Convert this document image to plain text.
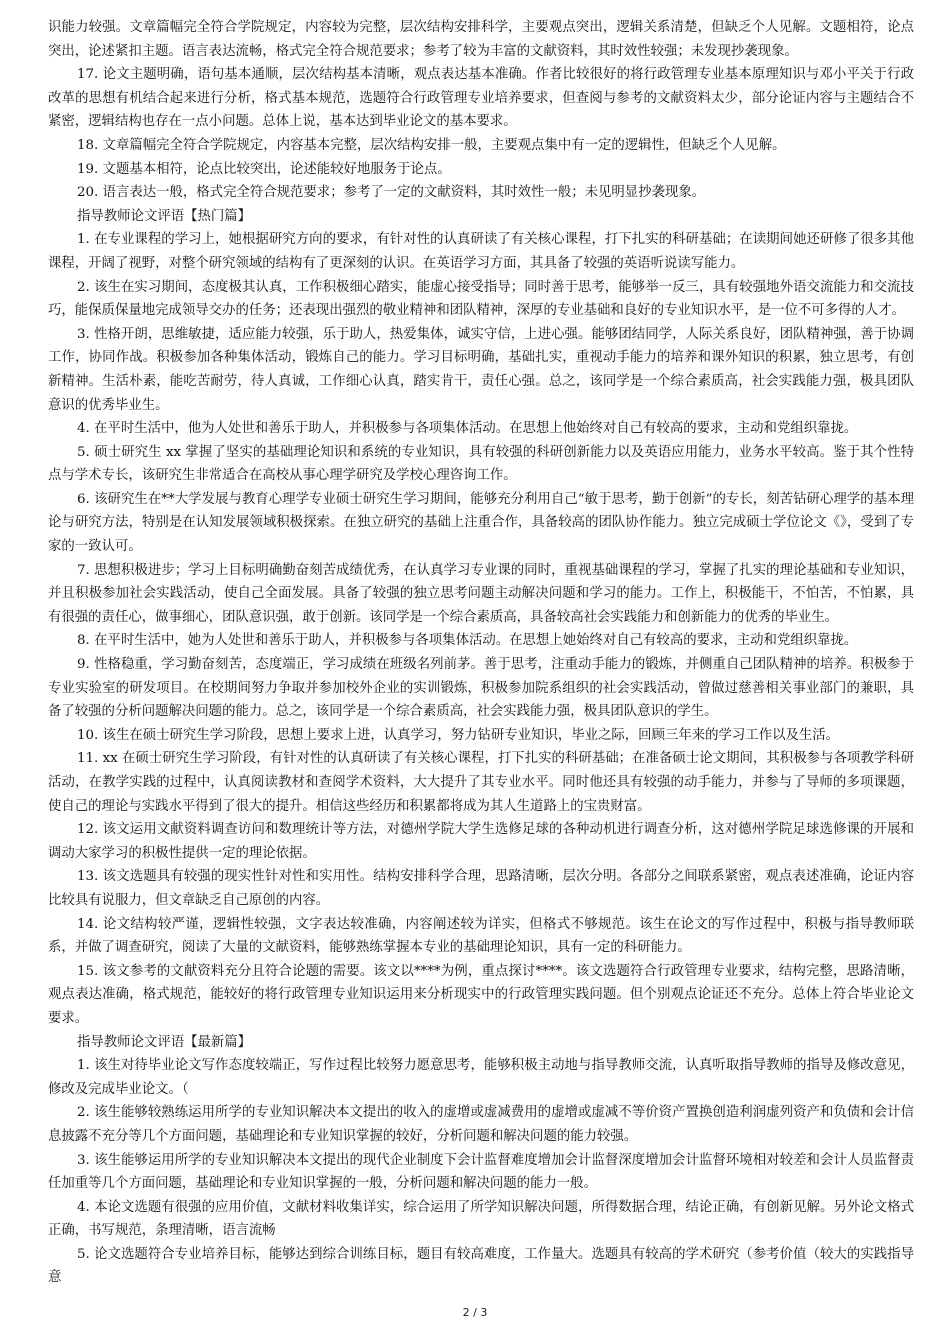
识能力较强。文章篇幅完全符合学院规定，内容较为完整，层次结构安排科学，主要观点突出，逻辑关系清楚，但缺乏个人见解。文题相符，论点突出，论述紧扣主题。语言表达流畅，格式完全符合规范要求；参考了较为丰富的文献资料，其时效性较强；未发现抄袭现象。

17. 论文主题明确，语句基本通顺，层次结构基本清晰，观点表达基本准确。作者比较很好的将行政管理专业基本原理知识与邓小平关于行政改革的思想有机结合起来进行分析，格式基本规范，选题符合行政管理专业培养要求，但查阅与参考的文献资料太少，部分论证内容与主题结合不紧密，逻辑结构也存在一点小问题。总体上说，基本达到毕业论文的基本要求。

18. 文章篇幅完全符合学院规定，内容基本完整，层次结构安排一般，主要观点集中有一定的逻辑性，但缺乏个人见解。

19. 文题基本相符，论点比较突出，论述能较好地服务于论点。

20. 语言表达一般，格式完全符合规范要求；参考了一定的文献资料，其时效性一般；未见明显抄袭现象。

指导教师论文评语【热门篇】

1. 在专业课程的学习上，她根据研究方向的要求，有针对性的认真研读了有关核心课程，打下扎实的科研基础；在读期间她还研修了很多其他课程，开阔了视野，对整个研究领域的结构有了更深刻的认识。在英语学习方面，其具备了较强的英语听说读写能力。

2. 该生在实习期间，态度极其认真，工作积极细心踏实，能虚心接受指导；同时善于思考，能够举一反三，具有较强地外语交流能力和交流技巧，能保质保量地完成领导交办的任务；还表现出强烈的敬业精神和团队精神，深厚的专业基础和良好的专业知识水平，是一位不可多得的人才。

3. 性格开朗，思维敏捷，适应能力较强，乐于助人，热爱集体，诚实守信，上进心强。能够团结同学，人际关系良好，团队精神强，善于协调工作，协同作战。积极参加各种集体活动，锻炼自己的能力。学习目标明确，基础扎实，重视动手能力的培养和课外知识的积累，独立思考，有创新精神。生活朴素，能吃苦耐劳，待人真诚，工作细心认真，踏实肯干，责任心强。总之，该同学是一个综合素质高，社会实践能力强，极具团队意识的优秀毕业生。

4. 在平时生活中，他为人处世和善乐于助人，并积极参与各项集体活动。在思想上他始终对自己有较高的要求，主动和党组织靠拢。

5. 硕士研究生 xx 掌握了坚实的基础理论知识和系统的专业知识，具有较强的科研创新能力以及英语应用能力，业务水平较高。鉴于其个性特点与学术专长，该研究生非常适合在高校从事心理学研究及学校心理咨询工作。

6. 该研究生在**大学发展与教育心理学专业硕士研究生学习期间，能够充分利用自己“敏于思考，勤于创新”的专长，刻苦钻研心理学的基本理论与研究方法，特别是在认知发展领域积极探索。在独立研究的基础上注重合作，具备较高的团队协作能力。独立完成硕士学位论文《》，受到了专家的一致认可。

7. 思想积极进步；学习上目标明确勤奋刻苦成绩优秀，在认真学习专业课的同时，重视基础课程的学习，掌握了扎实的理论基础和专业知识，并且积极参加社会实践活动，使自己全面发展。具备了较强的独立思考问题主动解决问题和学习的能力。工作上，积极能干，不怕苦，不怕累，具有很强的责任心，做事细心，团队意识强，敢于创新。该同学是一个综合素质高，具备较高社会实践能力和创新能力的优秀的毕业生。

8. 在平时生活中，她为人处世和善乐于助人，并积极参与各项集体活动。在思想上她始终对自己有较高的要求，主动和党组织靠拢。

9. 性格稳重，学习勤奋刻苦，态度端正，学习成绩在班级名列前茅。善于思考，注重动手能力的锻炼，并侧重自己团队精神的培养。积极参于专业实验室的研发项目。在校期间努力争取并参加校外企业的实训锻炼，积极参加院系组织的社会实践活动，曾做过慈善相关事业部门的兼职，具备了较强的分析问题解决问题的能力。总之，该同学是一个综合素质高，社会实践能力强，极具团队意识的学生。

10. 该生在硕士研究生学习阶段，思想上要求上进，认真学习，努力钻研专业知识，毕业之际，回顾三年来的学习工作以及生活。

11. xx 在硕士研究生学习阶段，有针对性的认真研读了有关核心课程，打下扎实的科研基础；在准备硕士论文期间，其积极参与各项教学科研活动，在教学实践的过程中，认真阅读教材和查阅学术资料，大大提升了其专业水平。同时他还具有较强的动手能力，并参与了导师的多项课题，使自己的理论与实践水平得到了很大的提升。相信这些经历和积累都将成为其人生道路上的宝贵财富。

12. 该文运用文献资料调查访问和数理统计等方法，对德州学院大学生选修足球的各种动机进行调查分析，这对德州学院足球选修课的开展和调动大家学习的积极性提供一定的理论依据。

13. 该文选题具有较强的现实性针对性和实用性。结构安排科学合理，思路清晰，层次分明。各部分之间联系紧密，观点表述准确，论证内容比较具有说服力，但文章缺乏自己原创的内容。

14. 论文结构较严谨，逻辑性较强，文字表达较准确，内容阐述较为详实，但格式不够规范。该生在论文的写作过程中，积极与指导教师联系，并做了调查研究，阅读了大量的文献资料，能够熟练掌握本专业的基础理论知识，具有一定的科研能力。

15. 该文参考的文献资料充分且符合论题的需要。该文以****为例，重点探讨****。该文选题符合行政管理专业要求，结构完整，思路清晰，观点表达准确，格式规范，能较好的将行政管理专业知识运用来分析现实中的行政管理实践问题。但个别观点论证还不充分。总体上符合毕业论文要求。

指导教师论文评语【最新篇】

1. 该生对待毕业论文写作态度较端正，写作过程比较努力愿意思考，能够积极主动地与指导教师交流，认真听取指导教师的指导及修改意见，修改及完成毕业论文。（

2. 该生能够较熟练运用所学的专业知识解决本文提出的收入的虚增或虚减费用的虚增或虚减不等价资产置换创造利润虚列资产和负债和会计信息披露不充分等几个方面问题，基础理论和专业知识掌握的较好，分析问题和解决问题的能力较强。

3. 该生能够运用所学的专业知识解决本文提出的现代企业制度下会计监督难度增加会计监督深度增加会计监督环境相对较差和会计人员监督责任加重等几个方面问题，基础理论和专业知识掌握的一般，分析问题和解决问题的能力一般。

4. 本论文选题有很强的应用价值，文献材料收集详实，综合运用了所学知识解决问题，所得数据合理，结论正确，有创新见解。另外论文格式正确，书写规范，条理清晰，语言流畅

5. 论文选题符合专业培养目标，能够达到综合训练目标，题目有较高难度，工作量大。选题具有较高的学术研究（参考价值（较大的实践指导意

2 / 3
